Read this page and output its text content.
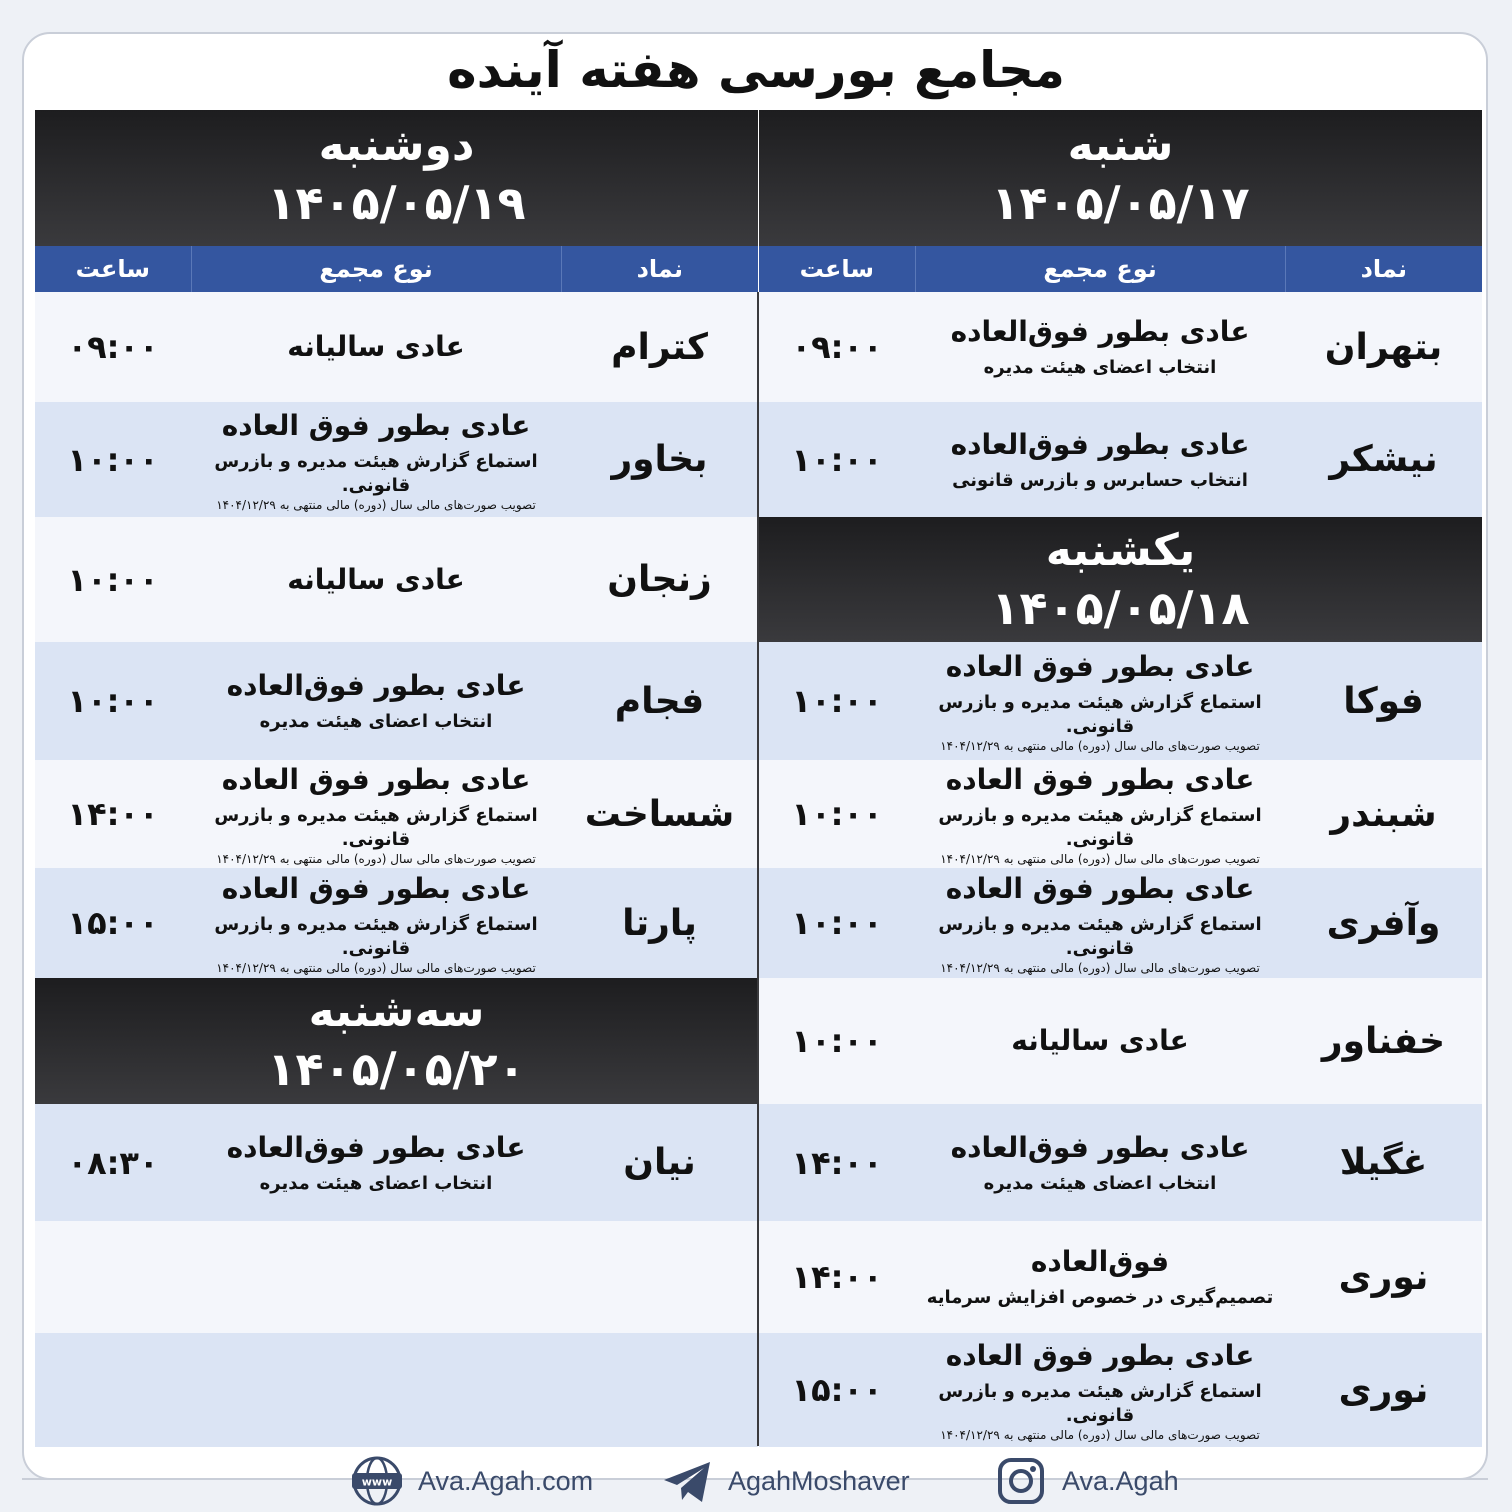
مجامع بورسی هفته آینده
شنبه
۱۴۰۵/۰۵/۱۷
نماد
نوع مجمع
ساعت
بتهران
عادی بطور فوق‌العاده
انتخاب اعضای هیئت مدیره
۰۹:۰۰
نیشکر
عادی بطور فوق‌العاده
انتخاب حسابرس و بازرس قانونی
۱۰:۰۰
یکشنبه
۱۴۰۵/۰۵/۱۸
فوکا
عادی بطور فوق العاده
استماع گزارش هیئت مدیره و بازرس قانونی.
تصویب صورت‌های مالی سال (دوره) مالی منتهی به ۱۴۰۴/۱۲/۲۹
۱۰:۰۰
شبندر
عادی بطور فوق العاده
استماع گزارش هیئت مدیره و بازرس قانونی.
تصویب صورت‌های مالی سال (دوره) مالی منتهی به ۱۴۰۴/۱۲/۲۹
۱۰:۰۰
وآفری
عادی بطور فوق العاده
استماع گزارش هیئت مدیره و بازرس قانونی.
تصویب صورت‌های مالی سال (دوره) مالی منتهی به ۱۴۰۴/۱۲/۲۹
۱۰:۰۰
خفناور
عادی سالیانه
۱۰:۰۰
غگیلا
عادی بطور فوق‌العاده
انتخاب اعضای هیئت مدیره
۱۴:۰۰
نوری
فوق‌العاده
تصمیم‌گیری در خصوص افزایش سرمایه
۱۴:۰۰
نوری
عادی بطور فوق العاده
استماع گزارش هیئت مدیره و بازرس قانونی.
تصویب صورت‌های مالی سال (دوره) مالی منتهی به ۱۴۰۴/۱۲/۲۹
۱۵:۰۰
دوشنبه
۱۴۰۵/۰۵/۱۹
نماد
نوع مجمع
ساعت
کترام
عادی سالیانه
۰۹:۰۰
بخاور
عادی بطور فوق العاده
استماع گزارش هیئت مدیره و بازرس قانونی.
تصویب صورت‌های مالی سال (دوره) مالی منتهی به ۱۴۰۴/۱۲/۲۹
۱۰:۰۰
زنجان
عادی سالیانه
۱۰:۰۰
فجام
عادی بطور فوق‌العاده
انتخاب اعضای هیئت مدیره
۱۰:۰۰
شساخت
عادی بطور فوق العاده
استماع گزارش هیئت مدیره و بازرس قانونی.
تصویب صورت‌های مالی سال (دوره) مالی منتهی به ۱۴۰۴/۱۲/۲۹
۱۴:۰۰
پارتا
عادی بطور فوق العاده
استماع گزارش هیئت مدیره و بازرس قانونی.
تصویب صورت‌های مالی سال (دوره) مالی منتهی به ۱۴۰۴/۱۲/۲۹
۱۵:۰۰
سه‌شنبه
۱۴۰۵/۰۵/۲۰
نیان
عادی بطور فوق‌العاده
انتخاب اعضای هیئت مدیره
۰۸:۳۰
www Ava.Agah.com	AgahMoshaver	Ava.Agah
